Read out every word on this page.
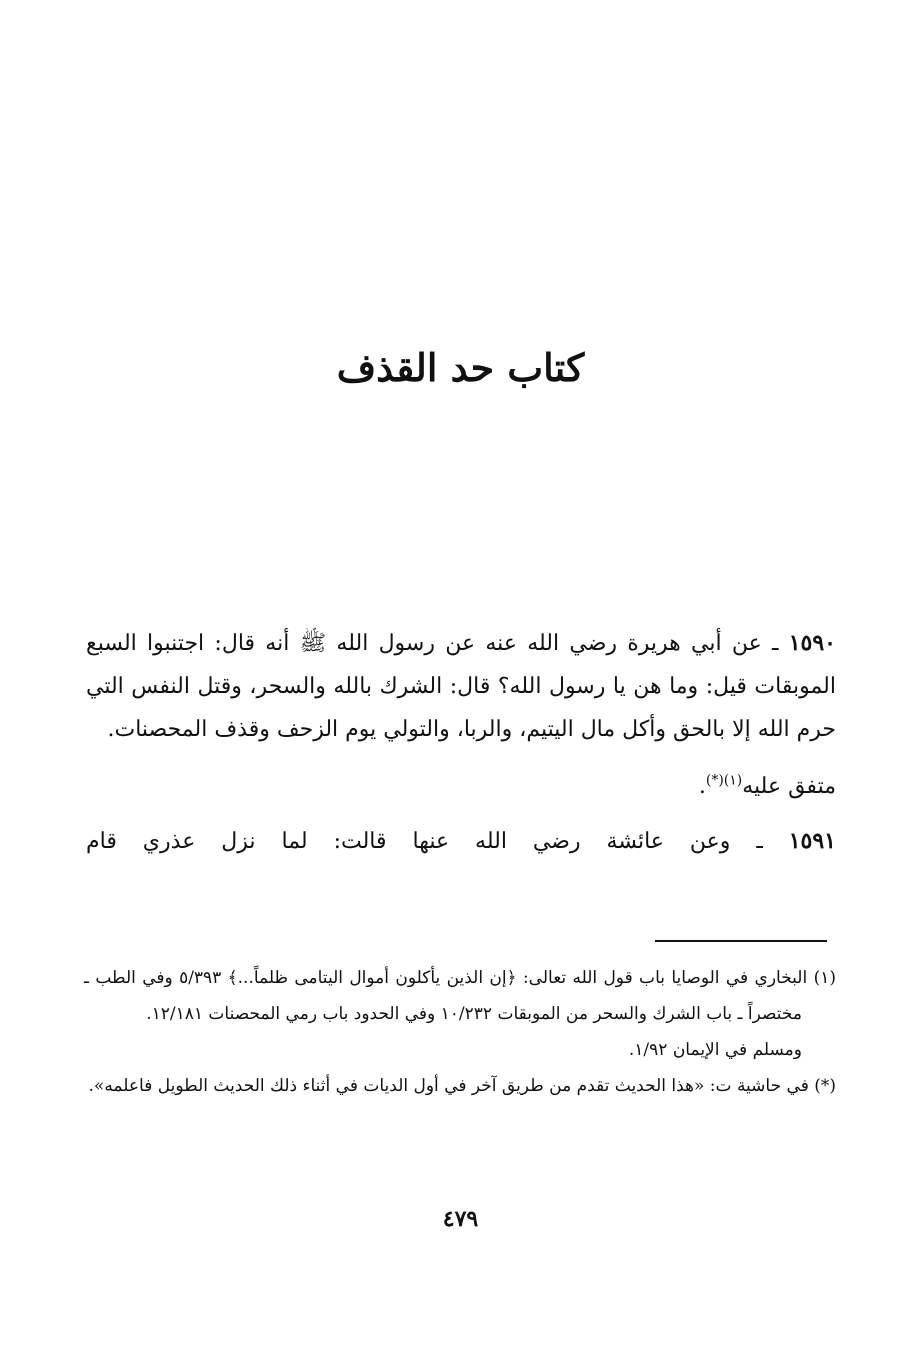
كتاب حد القذف

١٥٩٠ ـ عن أبي هريرة رضي الله عنه عن رسول الله ﷺ أنه قال: اجتنبوا السبع الموبقات قيل: وما هن يا رسول الله؟ قال: الشرك بالله والسحر، وقتل النفس التي حرم الله إلا بالحق وأكل مال اليتيم، والربا، والتولي يوم الزحف وقذف المحصنات.

متفق عليه$^{(١)(*)}$.

١٥٩١ ـ وعن عائشة رضي الله عنها قالت: لما نزل عذري قام

(١) البخاري في الوصايا باب قول الله تعالى: ﴿إن الذين يأكلون أموال اليتامى ظلماً...﴾ ٥/٣٩٣ وفي الطب ـ مختصراً ـ باب الشرك والسحر من الموبقات ١٠/٢٣٢ وفي الحدود باب رمي المحصنات ١٢/١٨١.

ومسلم في الإيمان ١/٩٢.

(*) في حاشية ت: «هذا الحديث تقدم من طريق آخر في أول الديات في أثناء ذلك الحديث الطويل فاعلمه».

٤٧٩
